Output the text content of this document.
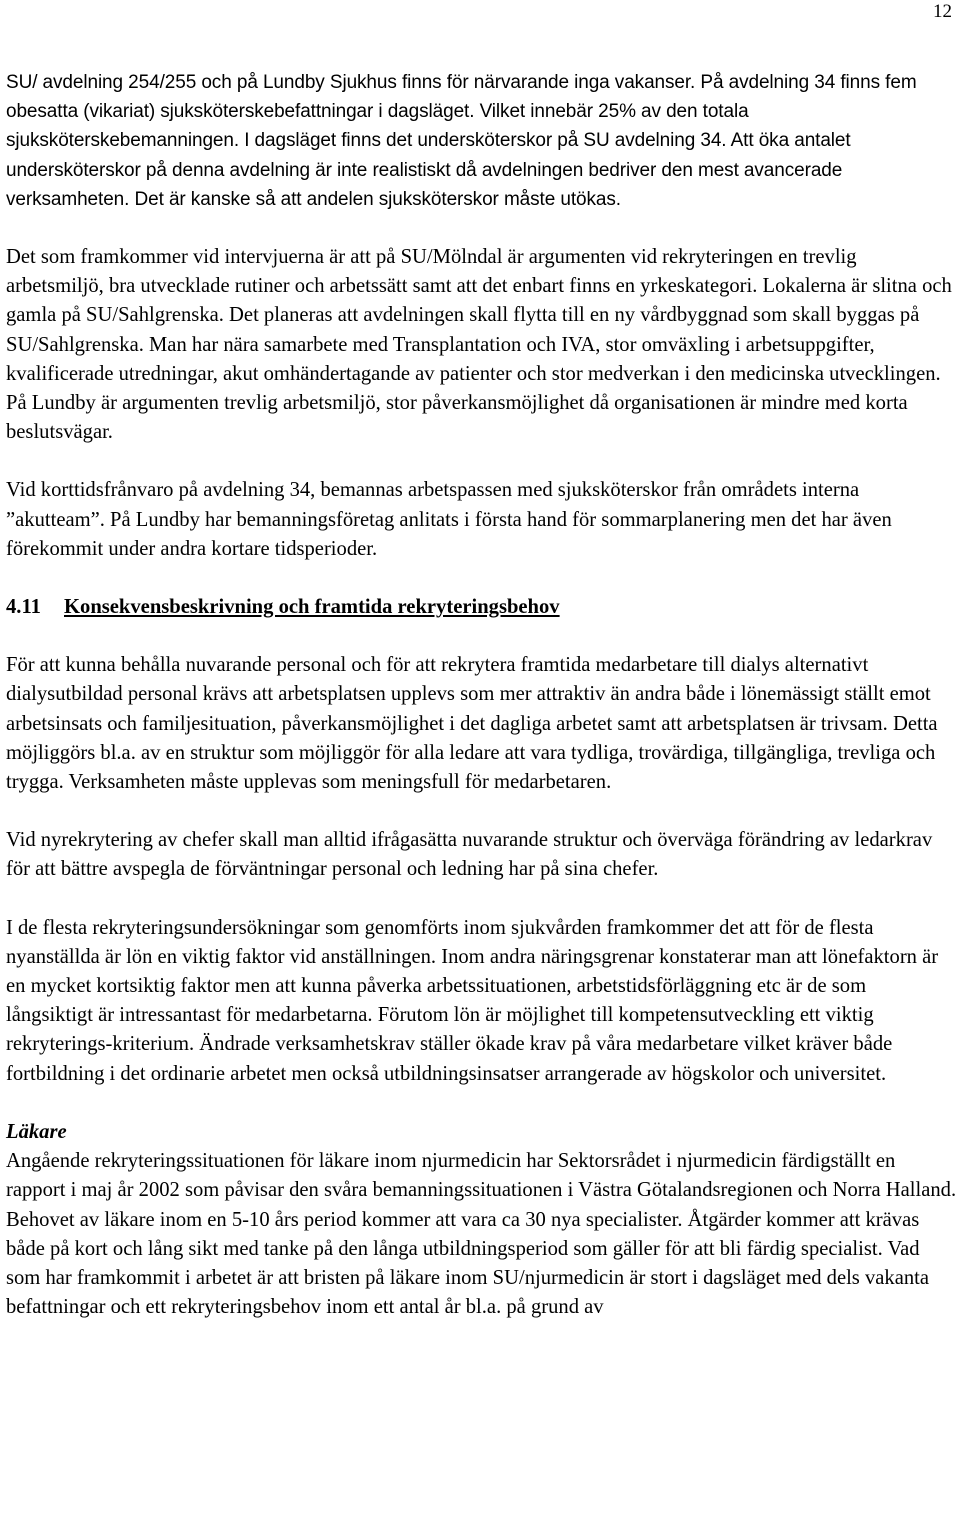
12

SU/ avdelning 254/255 och på Lundby Sjukhus finns för närvarande inga vakanser. På avdelning 34 finns fem obesatta (vikariat) sjuksköterskebefattningar i dagsläget. Vilket innebär 25% av den totala sjuksköterskebemanningen. I dagsläget finns det undersköterskor på SU avdelning 34. Att öka antalet undersköterskor på denna avdelning är inte realistiskt då avdelningen bedriver den mest avancerade verksamheten. Det är kanske så att andelen sjuksköterskor måste utökas.

Det som framkommer vid intervjuerna är att på SU/Mölndal är argumenten vid rekryteringen en trevlig arbetsmiljö, bra utvecklade rutiner och arbetssätt samt att det enbart finns en yrkeskategori. Lokalerna är slitna och gamla på SU/Sahlgrenska. Det planeras att avdelningen skall flytta till en ny vårdbyggnad som skall byggas på SU/Sahlgrenska. Man har nära samarbete med Transplantation och IVA, stor omväxling i arbetsuppgifter, kvalificerade utredningar, akut omhändertagande av patienter och stor medverkan i den medicinska utvecklingen. På Lundby är argumenten trevlig arbetsmiljö, stor påverkansmöjlighet då organisationen är mindre med korta beslutsvägar.

Vid korttidsfrånvaro på avdelning 34, bemannas arbetspassen med sjuksköterskor från områdets interna ”akutteam”. På Lundby har bemanningsföretag anlitats i första hand för sommarplanering men det har även förekommit under andra kortare tidsperioder.

4.11 Konsekvensbeskrivning och framtida rekryteringsbehov

För att kunna behålla nuvarande personal och för att rekrytera framtida medarbetare till dialys alternativt dialysutbildad personal krävs att arbetsplatsen upplevs som mer attraktiv än andra både i lönemässigt ställt emot arbetsinsats och familjesituation, påverkansmöjlighet i det dagliga arbetet samt att arbetsplatsen är trivsam. Detta möjliggörs bl.a. av en struktur som möjliggör för alla ledare att vara tydliga, trovärdiga, tillgängliga, trevliga och trygga. Verksamheten måste upplevas som meningsfull för medarbetaren.

Vid nyrekrytering av chefer skall man alltid ifrågasätta nuvarande struktur och överväga förändring av ledarkrav för att bättre avspegla de förväntningar personal och ledning har på sina chefer.

I de flesta rekryteringsundersökningar som genomförts inom sjukvården framkommer det att för de flesta nyanställda är lön en viktig faktor vid anställningen. Inom andra näringsgrenar konstaterar man att lönefaktorn är en mycket kortsiktig faktor men att kunna påverka arbetssituationen, arbetstidsförläggning etc är de som långsiktigt är intressantast för medarbetarna. Förutom lön är möjlighet till kompetensutveckling ett viktig rekryterings-kriterium. Ändrade verksamhetskrav ställer ökade krav på våra medarbetare vilket kräver både fortbildning i det ordinarie arbetet men också utbildningsinsatser arrangerade av högskolor och universitet.

Läkare

Angående rekryteringssituationen för läkare inom njurmedicin har Sektorsrådet i njurmedicin färdigställt en rapport i maj år 2002 som påvisar den svåra bemanningssituationen i Västra Götalandsregionen och Norra Halland. Behovet av läkare inom en 5-10 års period kommer att vara ca 30 nya specialister. Åtgärder kommer att krävas både på kort och lång sikt med tanke på den långa utbildningsperiod som gäller för att bli färdig specialist. Vad som har framkommit i arbetet är att bristen på läkare inom SU/njurmedicin är stort i dagsläget med dels vakanta befattningar och ett rekryteringsbehov inom ett antal år bl.a. på grund av
